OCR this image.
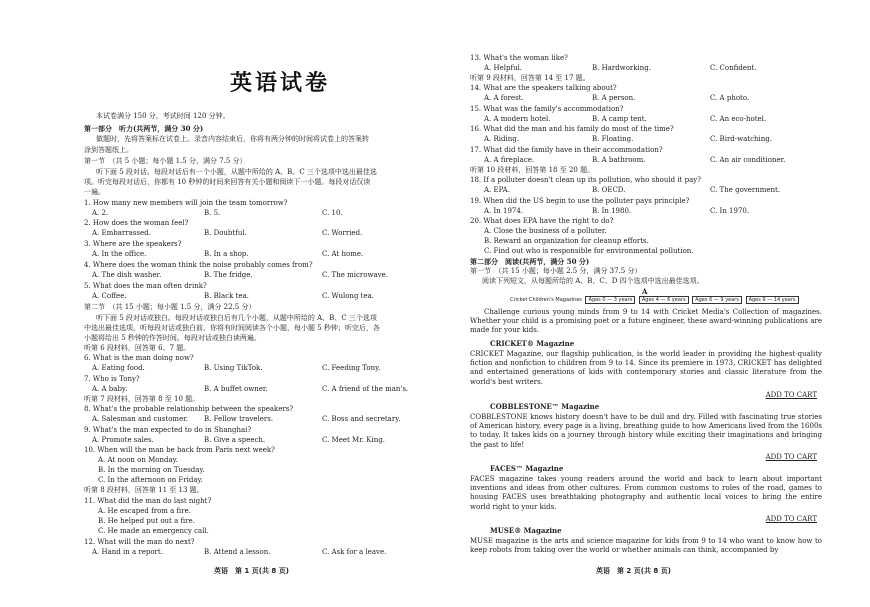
英语试卷
本试卷满分 150 分，考试时间 120 分钟。
第一部分　听力(共两节，满分 30 分)
做题时，先将答案标在试卷上。录音内容结束后，你将有两分钟的时间将试卷上的答案转
涂到答题纸上。
第一节　（共 5 小题；每小题 1.5 分，满分 7.5 分）
听下面 5 段对话。每段对话后有一个小题，从题中所给的 A、B、C 三个选项中选出最佳选
项。听完每段对话后，你都有 10 秒钟的时间来回答有关小题和阅读下一小题。每段对话仅读
一遍。
1. How many new members will join the team tomorrow?
A. 2.	B. 5.	C. 10.
2. How does the woman feel?
A. Embarrassed.	B. Doubtful.	C. Worried.
3. Where are the speakers?
A. In the office.	B. In a shop.	C. At home.
4. Where does the woman think the noise probably comes from?
A. The dish washer.	B. The fridge.	C. The microwave.
5. What does the man often drink?
A. Coffee.	B. Black tea.	C. Wulong tea.
第二节　（共 15 小题；每小题 1.5 分，满分 22.5 分）
听下面 5 段对话或独白。每段对话或独白后有几个小题，从题中所给的 A、B、C 三个选项
中选出最佳选项。听每段对话或独白前，你将有时间阅读各个小题，每小题 5 秒钟；听完后，各
小题将给出 5 秒钟的作答时间。每段对话或独白读两遍。
听第 6 段材料，回答第 6、7 题。
6. What is the man doing now?
A. Eating food.	B. Using TikTok.	C. Feeding Tony.
7. Who is Tony?
A. A baby.	B. A buffet owner.	C. A friend of the man's.
听第 7 段材料，回答第 8 至 10 题。
8. What's the probable relationship between the speakers?
A. Salesman and customer. B. Fellow travelers.	C. Boss and secretary.
9. What's the man expected to do in Shanghai?
A. Promote sales.	B. Give a speech.	C. Meet Mr. King.
10. When will the man be back from Paris next week?
A. At noon on Monday.
B. In the morning on Tuesday.
C. In the afternoon on Friday.
听第 8 段材料，回答第 11 至 13 题。
11. What did the man do last night?
A. He escaped from a fire.
B. He helped put out a fire.
C. He made an emergency call.
12. What will the man do next?
A. Hand in a report.	B. Attend a lesson.	C. Ask for a leave.
英语　第 1 页(共 8 页)
13. What's the woman like?
A. Helpful.	B. Hardworking.	C. Confident.
听第 9 段材料，回答第 14 至 17 题。
14. What are the speakers talking about?
A. A forest.	B. A person.	C. A photo.
15. What was the family's accommodation?
A. A modern hotel.	B. A camp tent.	C. An eco-hotel.
16. What did the man and his family do most of the time?
A. Riding.	B. Floating.	C. Bird-watching.
17. What did the family have in their accommodation?
A. A fireplace.	B. A bathroom.	C. An air conditioner.
听第 10 段材料，回答第 18 至 20 题。
18. If a polluter doesn't clean up its pollution, who should it pay?
A. EPA.	B. OECD.	C. The government.
19. When did the US begin to use the polluter pays principle?
A. In 1974.	B. In 1980.	C. In 1970.
20. What does EPA have the right to do?
A. Close the business of a polluter.
B. Reward an organization for cleanup efforts.
C. Find out who is responsible for environmental pollution.
第二部分　阅读(共两节，满分 50 分)
第一节　（共 15 小题；每小题 2.5 分，满分 37.5 分）
阅读下列短文，从每题所给的 A、B、C、D 四个选项中选出最佳选项。
A
Cricket Children's Magazines Ages 0 — 3 years Ages 4 — 6 years Ages 6 — 9 years Ages 9 — 14 years
Challenge curious young minds from 9 to 14 with Cricket Media's Collection of magazines. Whether your child is a promising poet or a future engineer, these award-winning publications are made for your kids.
CRICKET® Magazine
CRICKET Magazine, our flagship publication, is the world leader in providing the highest-quality fiction and nonfiction to children from 9 to 14. Since its premiere in 1973, CRICKET has delighted and entertained generations of kids with contemporary stories and classic literature from the world's best writers.
ADD TO CART
COBBLESTONE™ Magazine
COBBLESTONE knows history doesn't have to be dull and dry. Filled with fascinating true stories of American history, every page is a living, breathing guide to how Americans lived from the 1600s to today. It takes kids on a journey through history while exciting their imaginations and bringing the past to life!
ADD TO CART
FACES™ Magazine
FACES magazine takes young readers around the world and back to learn about important inventions and ideas from other cultures. From common customs to roles of the road, games to housing FACES uses breathtaking photography and authentic local voices to bring the entire world right to your kids.
ADD TO CART
MUSE® Magazine
MUSE magazine is the arts and science magazine for kids from 9 to 14 who want to know how to keep robots from taking over the world or whether animals can think, accompanied by
英语　第 2 页(共 8 页)
